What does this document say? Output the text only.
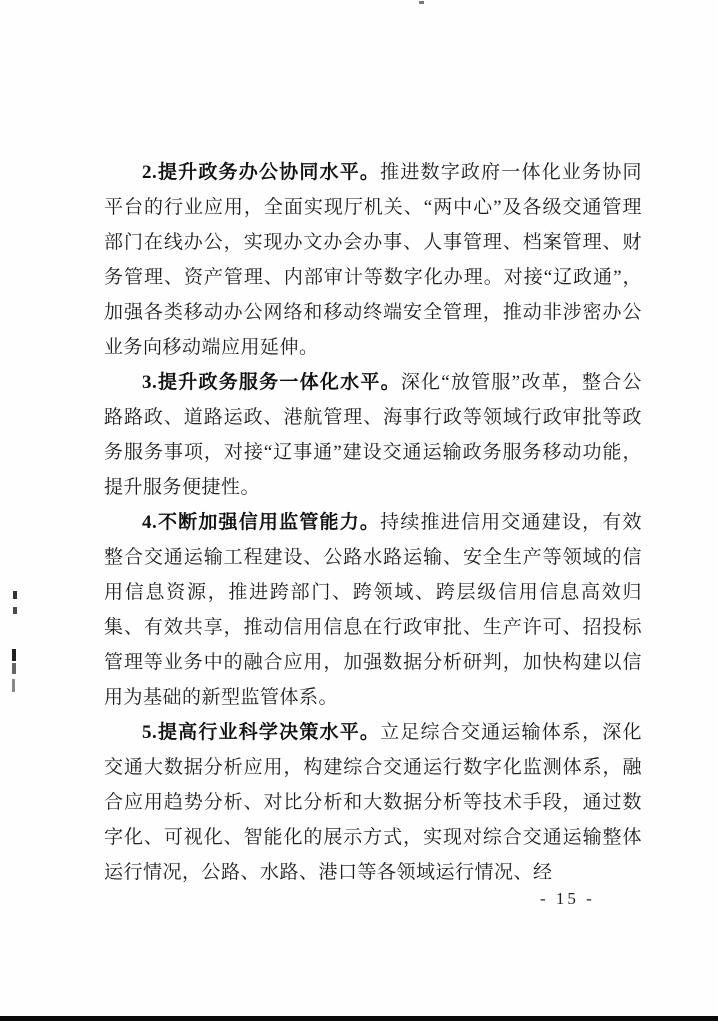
2.提升政务办公协同水平。推进数字政府一体化业务协同平台的行业应用，全面实现厅机关、“两中心”及各级交通管理部门在线办公，实现办文办会办事、人事管理、档案管理、财务管理、资产管理、内部审计等数字化办理。对接“辽政通”，加强各类移动办公网络和移动终端安全管理，推动非涉密办公业务向移动端应用延伸。

3.提升政务服务一体化水平。深化“放管服”改革，整合公路路政、道路运政、港航管理、海事行政等领域行政审批等政务服务事项，对接“辽事通”建设交通运输政务服务移动功能，提升服务便捷性。

4.不断加强信用监管能力。持续推进信用交通建设，有效整合交通运输工程建设、公路水路运输、安全生产等领域的信用信息资源，推进跨部门、跨领域、跨层级信用信息高效归集、有效共享，推动信用信息在行政审批、生产许可、招投标管理等业务中的融合应用，加强数据分析研判，加快构建以信用为基础的新型监管体系。

5.提高行业科学决策水平。立足综合交通运输体系，深化交通大数据分析应用，构建综合交通运行数字化监测体系，融合应用趋势分析、对比分析和大数据分析等技术手段，通过数字化、可视化、智能化的展示方式，实现对综合交通运输整体运行情况，公路、水路、港口等各领域运行情况、经

- 15 -
